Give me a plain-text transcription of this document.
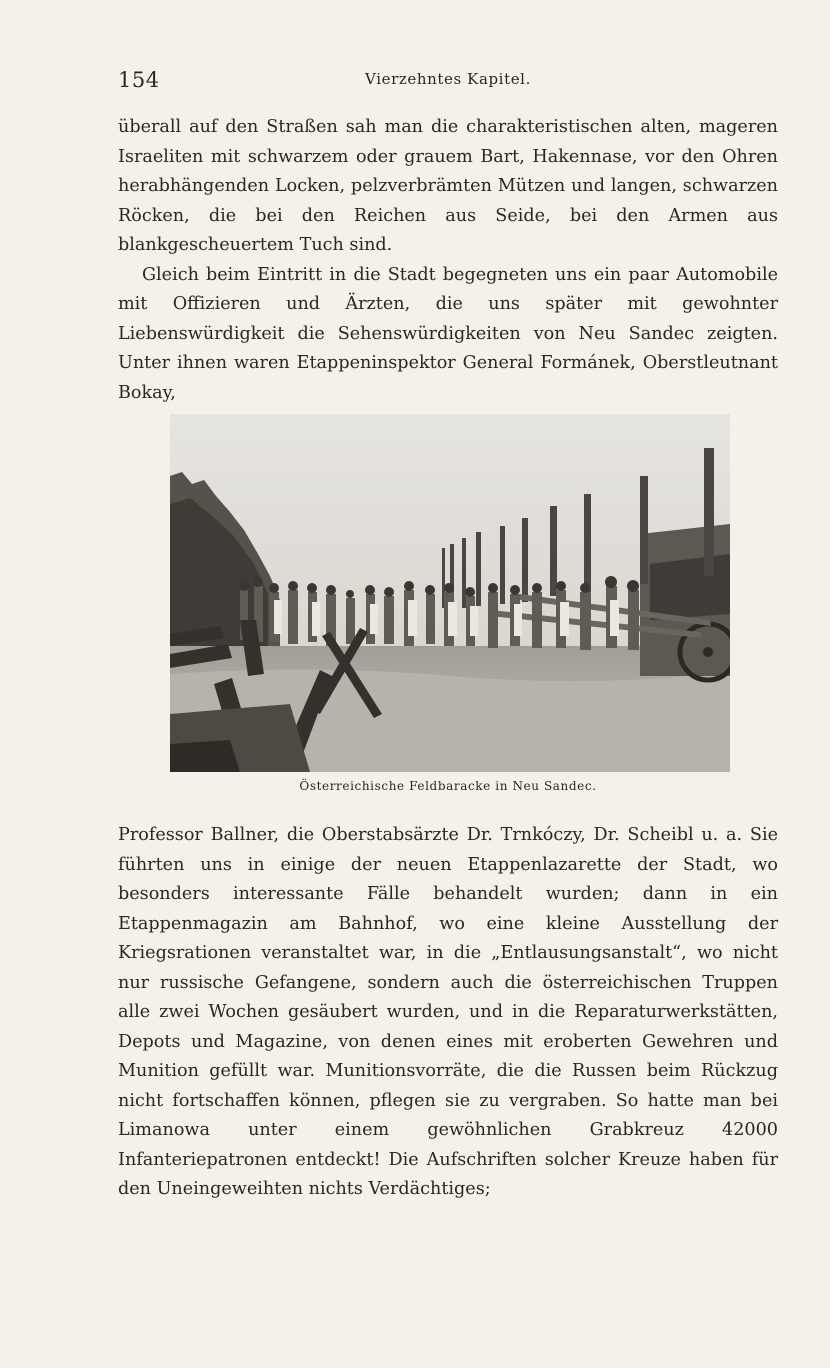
154	Vierzehntes Kapitel.

überall auf den Straßen sah man die charakteristischen alten, mageren Israeliten mit schwarzem oder grauem Bart, Hakennase, vor den Ohren herabhängenden Locken, pelzverbrämten Mützen und langen, schwarzen Röcken, die bei den Reichen aus Seide, bei den Armen aus blankgescheuertem Tuch sind.

Gleich beim Eintritt in die Stadt begegneten uns ein paar Automobile mit Offizieren und Ärzten, die uns später mit gewohnter Liebenswürdigkeit die Sehenswürdigkeiten von Neu Sandec zeigten. Unter ihnen waren Etappeninspektor General Formánek, Oberstleutnant Bokay,

Österreichische Feldbaracke in Neu Sandec.

Professor Ballner, die Oberstabsärzte Dr. Trnkóczy, Dr. Scheibl u. a. Sie führten uns in einige der neuen Etappenlazarette der Stadt, wo besonders interessante Fälle behandelt wurden; dann in ein Etappenmagazin am Bahnhof, wo eine kleine Ausstellung der Kriegsrationen veranstaltet war, in die „Entlausungsanstalt“, wo nicht nur russische Gefangene, sondern auch die österreichischen Truppen alle zwei Wochen gesäubert wurden, und in die Reparaturwerkstätten, Depots und Magazine, von denen eines mit eroberten Gewehren und Munition gefüllt war. Munitionsvorräte, die die Russen beim Rückzug nicht fortschaffen können, pflegen sie zu vergraben. So hatte man bei Limanowa unter einem gewöhnlichen Grabkreuz 42000 Infanteriepatronen entdeckt! Die Aufschriften solcher Kreuze haben für den Uneingeweihten nichts Verdächtiges;
